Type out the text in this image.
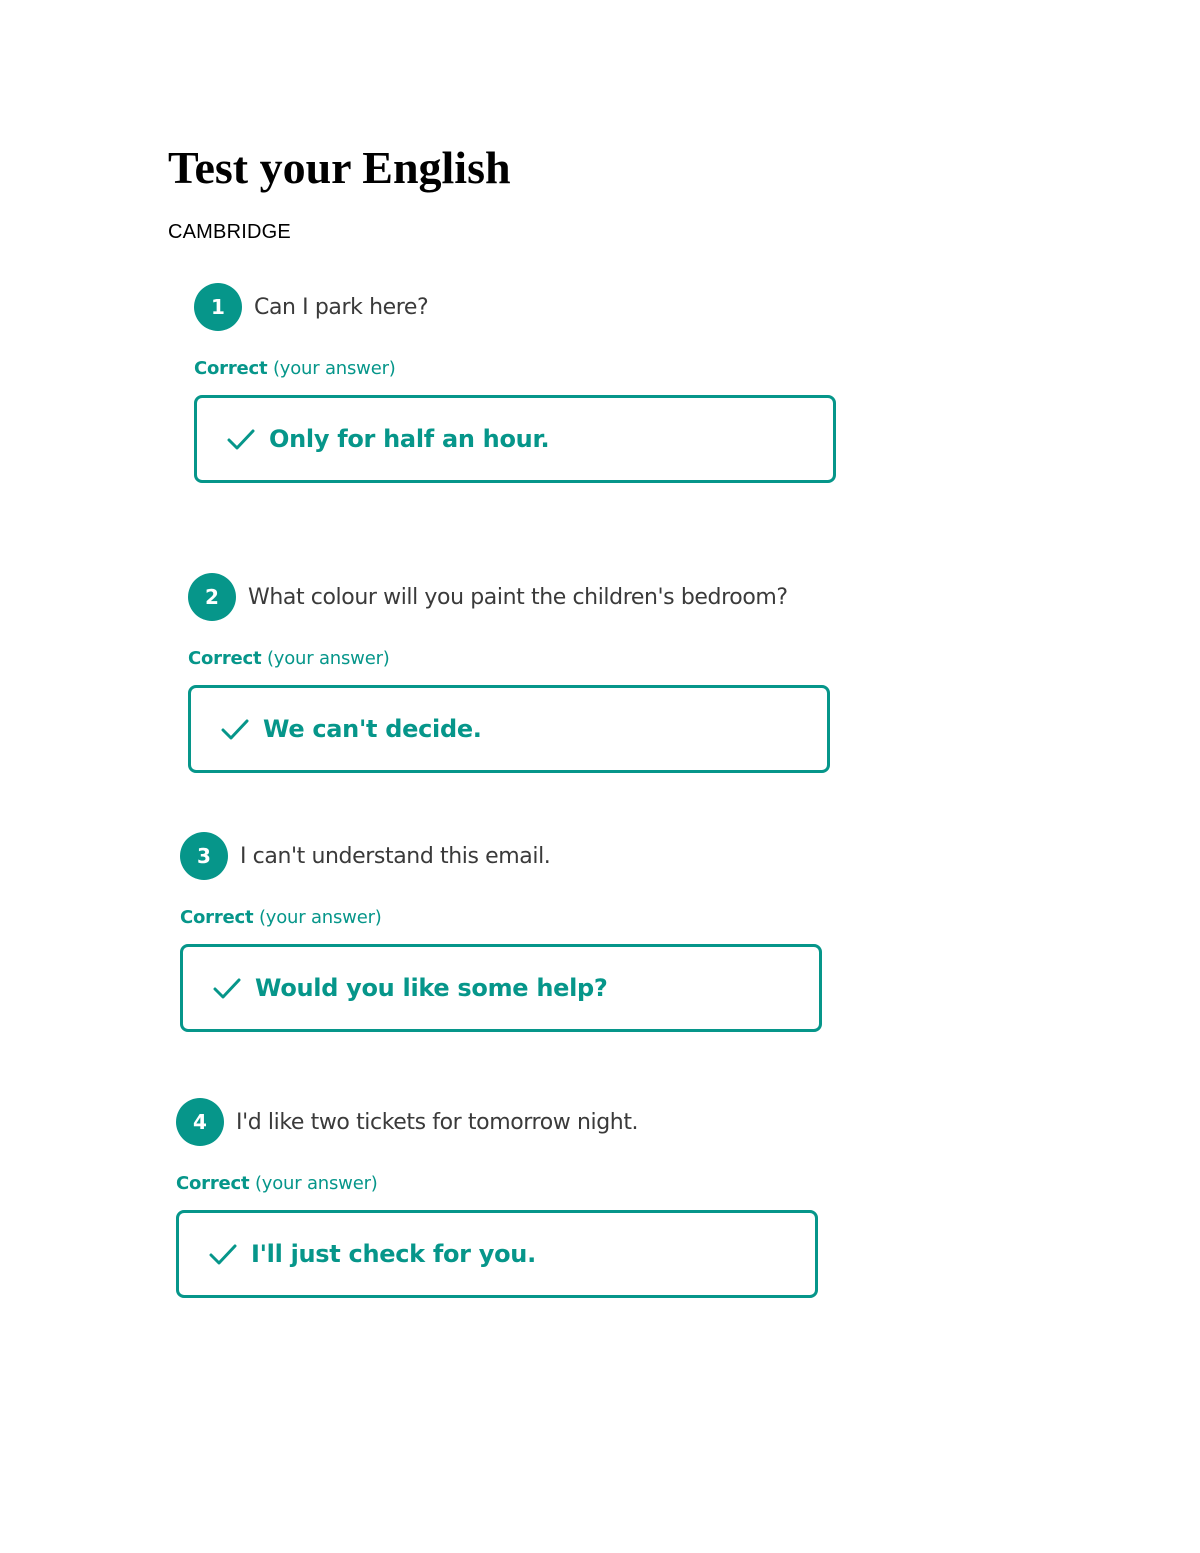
Test your English
CAMBRIDGE
1	Can I park here?
Correct (your answer)
Only for half an hour.
2	What colour will you paint the children's bedroom?
Correct (your answer)
We can't decide.
3	I can't understand this email.
Correct (your answer)
Would you like some help?
4	I'd like two tickets for tomorrow night.
Correct (your answer)
I'll just check for you.
